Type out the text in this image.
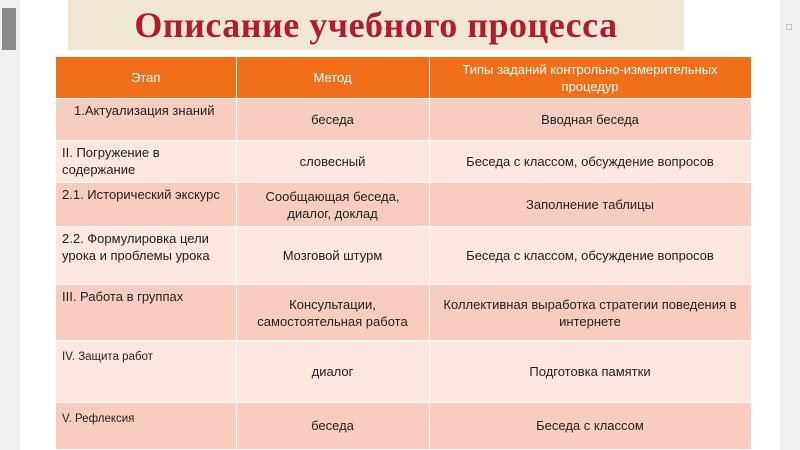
□
Описание учебного процесса
Этап	Метод	Типы заданий контрольно-измерительных процедур
1.Актуализация знаний	беседа	Вводная беседа
II. Погружение в содержание	словесный	Беседа с классом, обсуждение вопросов
2.1. Исторический экскурс	Сообщающая беседа, диалог, доклад	Заполнение таблицы
2.2. Формулировка цели урока и проблемы урока	Мозговой штурм	Беседа с классом, обсуждение вопросов
III. Работа в группах	Консультации, самостоятельная работа	Коллективная выработка стратегии поведения в интернете
IV. Защита работ	диалог	Подготовка памятки
V. Рефлексия	беседа	Беседа с классом
